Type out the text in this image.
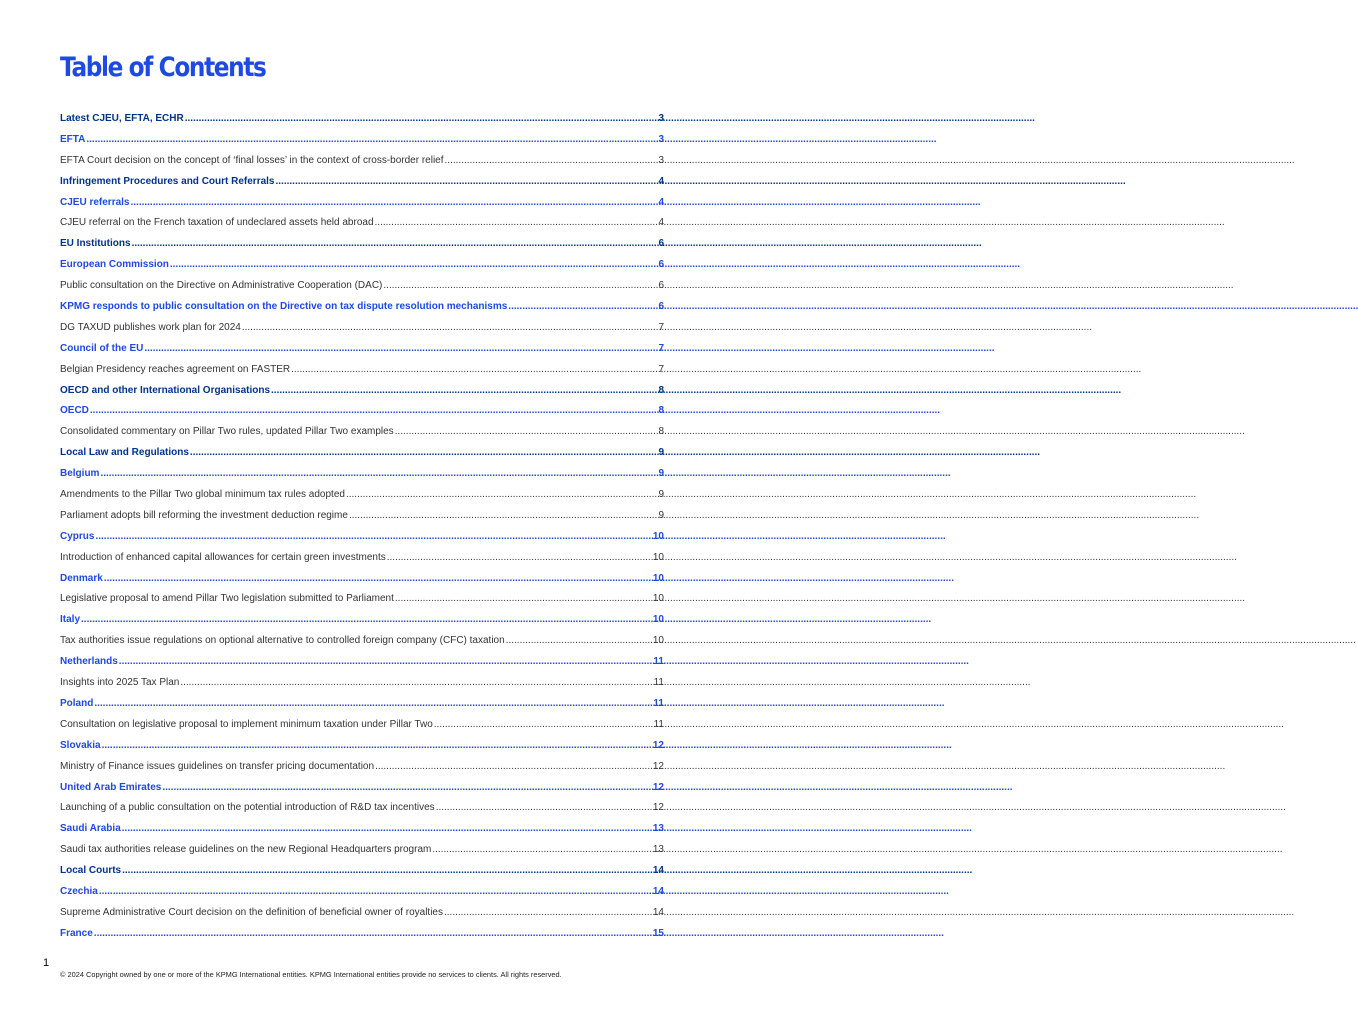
Table of Contents
Latest CJEU, EFTA, ECHR .....	3
EFTA .....	3
EFTA Court decision on the concept of ‘final losses’ in the context of cross-border relief .....	3
Infringement Procedures and Court Referrals .....	4
CJEU referrals .....	4
CJEU referral on the French taxation of undeclared assets held abroad .....	4
EU Institutions .....	6
European Commission .....	6
Public consultation on the Directive on Administrative Cooperation (DAC) .....	6
KPMG responds to public consultation on the Directive on tax dispute resolution mechanisms .....	6
DG TAXUD publishes work plan for 2024 .....	7
Council of the EU .....	7
Belgian Presidency reaches agreement on FASTER .....	7
OECD and other International Organisations .....	8
OECD .....	8
Consolidated commentary on Pillar Two rules, updated Pillar Two examples .....	8
Local Law and Regulations .....	9
Belgium .....	9
Amendments to the Pillar Two global minimum tax rules adopted .....	9
Parliament adopts bill reforming the investment deduction regime .....	9
Cyprus .....	10
Introduction of enhanced capital allowances for certain green investments .....	10
Denmark .....	10
Legislative proposal to amend Pillar Two legislation submitted to Parliament .....	10
Italy .....	10
Tax authorities issue regulations on optional alternative to controlled foreign company (CFC) taxation .....	10
Netherlands .....	11
Insights into 2025 Tax Plan .....	11
Poland .....	11
Consultation on legislative proposal to implement minimum taxation under Pillar Two .....	11
Slovakia .....	12
Ministry of Finance issues guidelines on transfer pricing documentation .....	12
United Arab Emirates .....	12
Launching of a public consultation on the potential introduction of R&D tax incentives .....	12
Saudi Arabia .....	13
Saudi tax authorities release guidelines on the new Regional Headquarters program .....	13
Local Courts .....	14
Czechia .....	14
Supreme Administrative Court decision on the definition of beneficial owner of royalties .....	14
France .....	15
1
© 2024 Copyright owned by one or more of the KPMG International entities. KPMG International entities provide no services to clients. All rights reserved.
